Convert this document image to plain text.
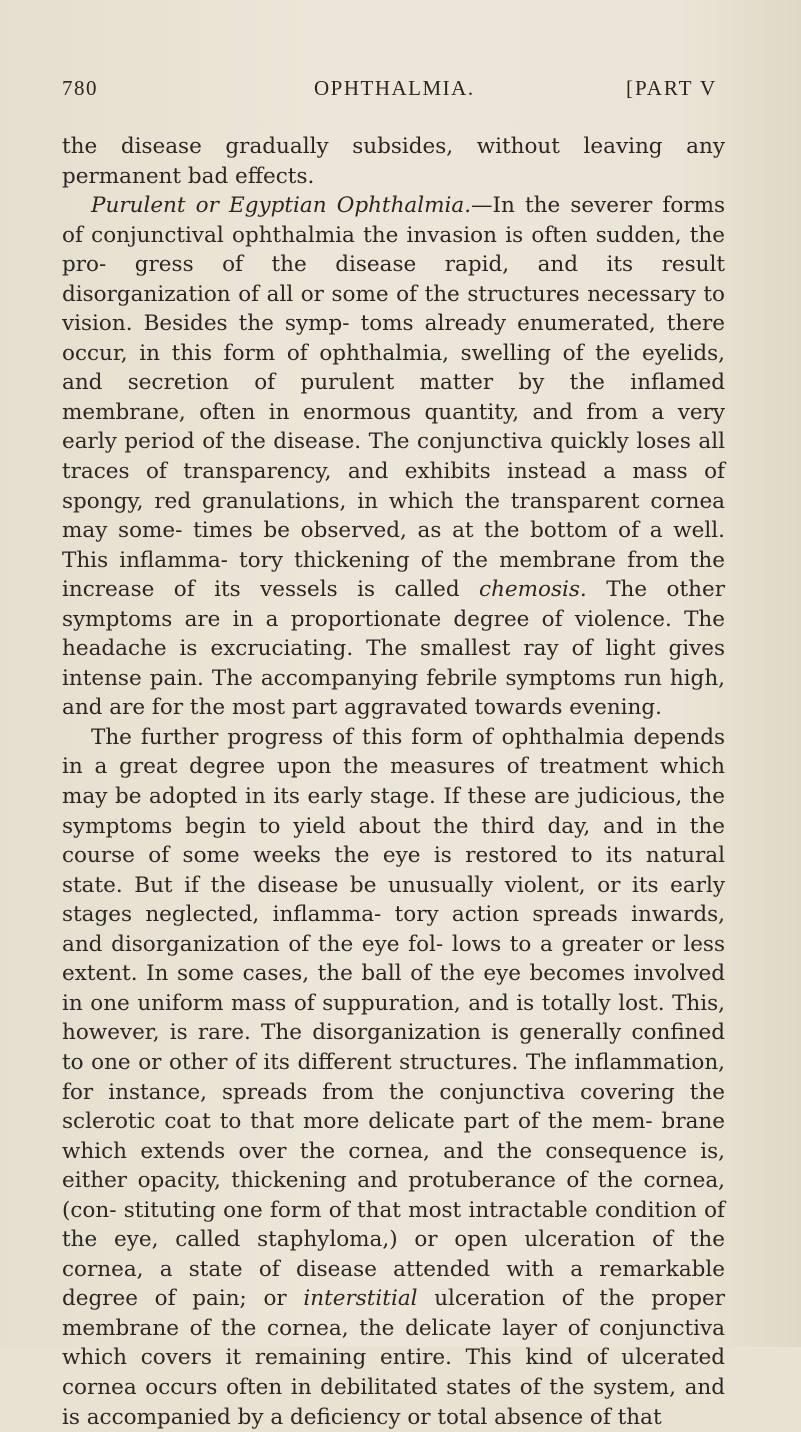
780	OPHTHALMIA.	[PART V

the disease gradually subsides, without leaving any permanent bad effects.

Purulent or Egyptian Ophthalmia.—In the severer forms of conjunctival ophthalmia the invasion is often sudden, the pro- gress of the disease rapid, and its result disorganization of all or some of the structures necessary to vision. Besides the symp- toms already enumerated, there occur, in this form of ophthalmia, swelling of the eyelids, and secretion of purulent matter by the inflamed membrane, often in enormous quantity, and from a very early period of the disease. The conjunctiva quickly loses all traces of transparency, and exhibits instead a mass of spongy, red granulations, in which the transparent cornea may some- times be observed, as at the bottom of a well. This inflamma- tory thickening of the membrane from the increase of its vessels is called chemosis. The other symptoms are in a proportionate degree of violence. The headache is excruciating. The smallest ray of light gives intense pain. The accompanying febrile symptoms run high, and are for the most part aggravated towards evening.

The further progress of this form of ophthalmia depends in a great degree upon the measures of treatment which may be adopted in its early stage. If these are judicious, the symptoms begin to yield about the third day, and in the course of some weeks the eye is restored to its natural state. But if the disease be unusually violent, or its early stages neglected, inflamma- tory action spreads inwards, and disorganization of the eye fol- lows to a greater or less extent. In some cases, the ball of the eye becomes involved in one uniform mass of suppuration, and is totally lost. This, however, is rare. The disorganization is generally confined to one or other of its different structures. The inflammation, for instance, spreads from the conjunctiva covering the sclerotic coat to that more delicate part of the mem- brane which extends over the cornea, and the consequence is, either opacity, thickening and protuberance of the cornea, (con- stituting one form of that most intractable condition of the eye, called staphyloma,) or open ulceration of the cornea, a state of disease attended with a remarkable degree of pain; or interstitial ulceration of the proper membrane of the cornea, the delicate layer of conjunctiva which covers it remaining entire. This kind of ulcerated cornea occurs often in debilitated states of the system, and is accompanied by a deficiency or total absence of that
